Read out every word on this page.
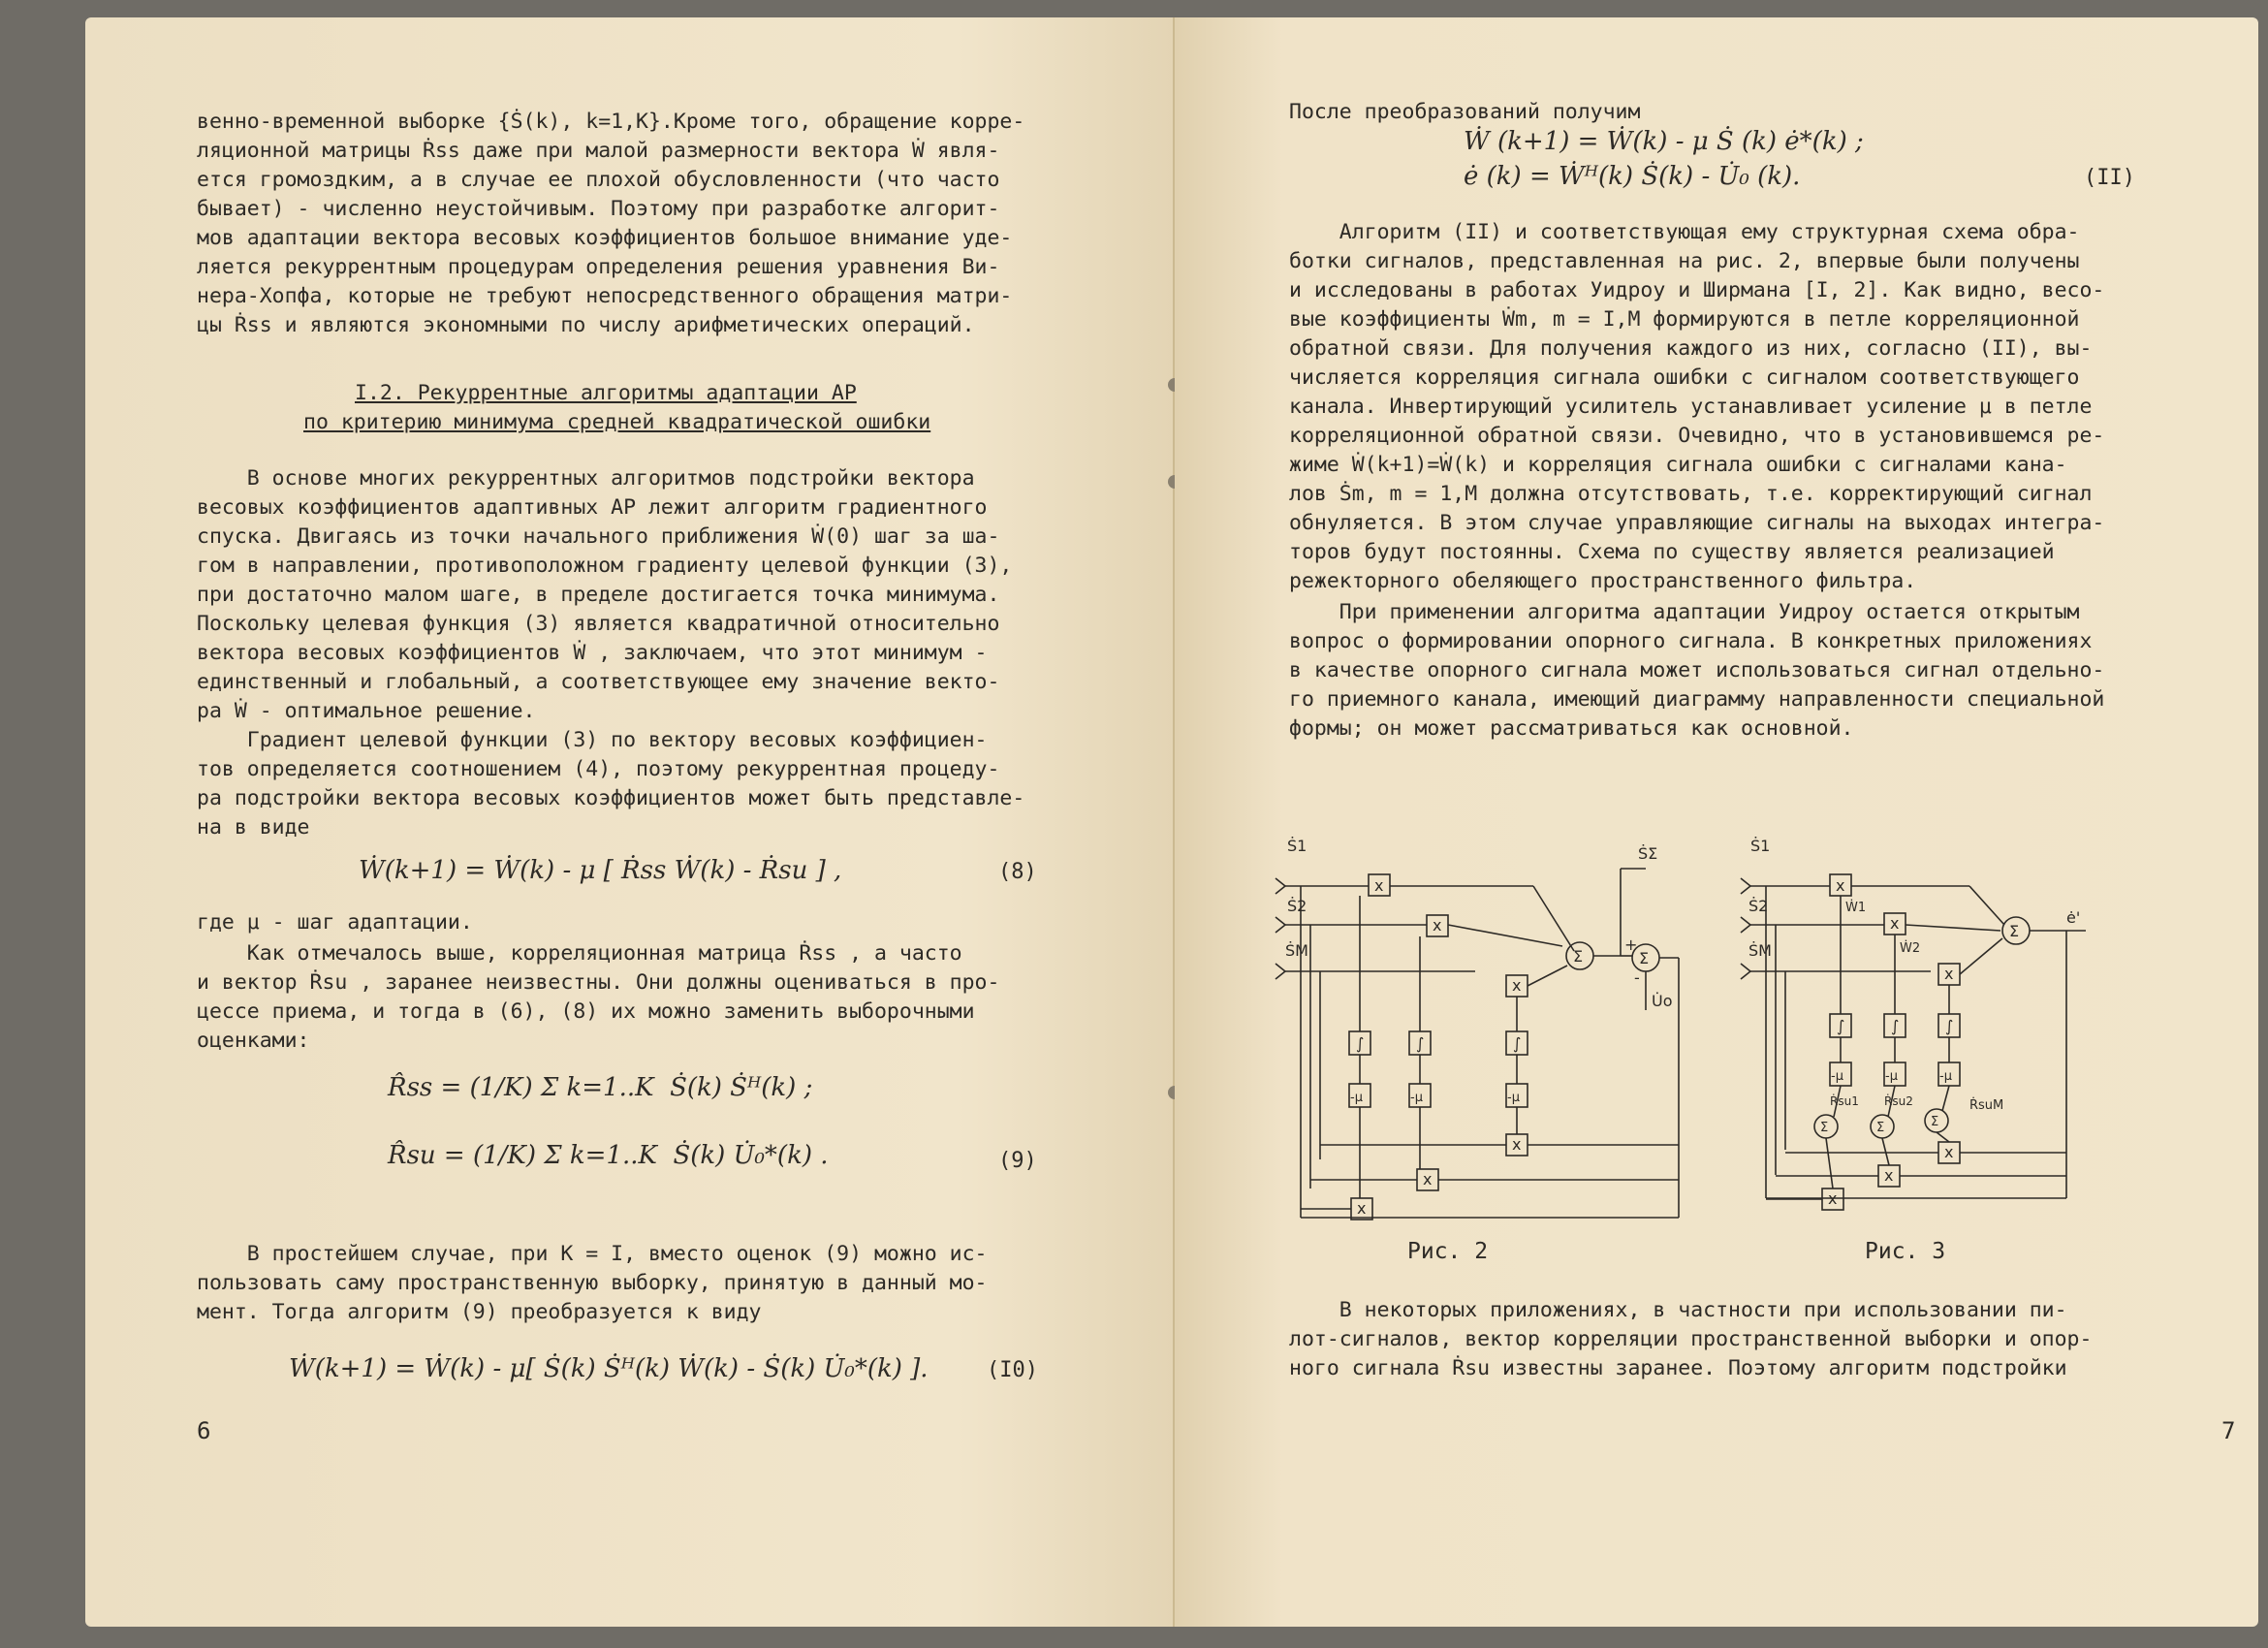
венно-временной выборке {Ṡ(k), k=1,K}.Кроме того, обращение корре-
ляционной матрицы Ṙss даже при малой размерности вектора Ẇ явля-
ется громоздким, а в случае ее плохой обусловленности (что часто
бывает) - численно неустойчивым. Поэтому при разработке алгорит-
мов адаптации вектора весовых коэффициентов большое внимание уде-
ляется рекуррентным процедурам определения решения уравнения Ви-
нера-Хопфа, которые не требуют непосредственного обращения матри-
цы Ṙss и являются экономными по числу арифметических операций.
I.2. Рекуррентные алгоритмы адаптации АР
по критерию минимума средней квадратической ошибки
В основе многих рекуррентных алгоритмов подстройки вектора
весовых коэффициентов адаптивных АР лежит алгоритм градиентного
спуска. Двигаясь из точки начального приближения Ẇ(0) шаг за ша-
гом в направлении, противоположном градиенту целевой функции (3),
при достаточно малом шаге, в пределе достигается точка минимума.
Поскольку целевая функция (3) является квадратичной относительно
вектора весовых коэффициентов Ẇ , заключаем, что этот минимум -
единственный и глобальный, а соответствующее ему значение векто-
ра Ẇ - оптимальное решение.
Градиент целевой функции (3) по вектору весовых коэффициен-
тов определяется соотношением (4), поэтому рекуррентная процеду-
ра подстройки вектора весовых коэффициентов может быть представле-
на в виде
Ẇ(k+1) = Ẇ(k) - μ [ Ṙss Ẇ(k) - Ṙsu ] ,	(8)
где μ - шаг адаптации.
Как отмечалось выше, корреляционная матрица Ṙss , а часто
и вектор Ṙsu , заранее неизвестны. Они должны оцениваться в про-
цессе приема, и тогда в (6), (8) их можно заменить выборочными
оценками:
R̂ss = (1/K) Σ k=1..K  Ṡ(k) Ṡᴴ(k) ;
R̂su = (1/K) Σ k=1..K  Ṡ(k) U̇₀*(k) .	(9)
В простейшем случае, при K = I, вместо оценок (9) можно ис-
пользовать саму пространственную выборку, принятую в данный мо-
мент. Тогда алгоритм (9) преобразуется к виду
Ẇ(k+1) = Ẇ(k) - μ[ Ṡ(k) Ṡᴴ(k) Ẇ(k) - Ṡ(k) U̇₀*(k) ].	(I0)
6
После преобразований получим
Ẇ (k+1) = Ẇ(k) - μ Ṡ (k) ė*(k) ;
ė (k) = Ẇᴴ(k) Ṡ(k) - U̇₀ (k).	(II)
Алгоритм (II) и соответствующая ему структурная схема обра-
ботки сигналов, представленная на рис. 2, впервые были получены
и исследованы в работах Уидроу и Ширмана [I, 2]. Как видно, весо-
вые коэффициенты Ẇm, m = I,M формируются в петле корреляционной
обратной связи. Для получения каждого из них, согласно (II), вы-
числяется корреляция сигнала ошибки с сигналом соответствующего
канала. Инвертирующий усилитель устанавливает усиление μ в петле
корреляционной обратной связи. Очевидно, что в установившемся ре-
жиме Ẇ(k+1)=Ẇ(k) и корреляция сигнала ошибки с сигналами кана-
лов Ṡm, m = 1,M должна отсутствовать, т.е. корректирующий сигнал
обнуляется. В этом случае управляющие сигналы на выходах интегра-
торов будут постоянны. Схема по существу является реализацией
режекторного обеляющего пространственного фильтра.
При применении алгоритма адаптации Уидроу остается открытым
вопрос о формировании опорного сигнала. В конкретных приложениях
в качестве опорного сигнала может использоваться сигнал отдельно-
го приемного канала, имеющий диаграмму направленности специальной
формы; он может рассматриваться как основной.
Ṡ1
Ṡ2
ṠM
ṠΣ
U̇o
x
x
x
x
x
x
Σ	Σ
∫	∫	∫
-μ	-μ	-μ
+
-
Рис. 2
Ṡ1
Ṡ2
ṠM
ė'
Ẇ1
Ẇ2
Ṙsu1 Ṙsu2	ṘsuM
x
x
x
x
x
x
Σ
Σ	Σ	Σ
∫	∫	∫
-μ	-μ	-μ
Рис. 3
В некоторых приложениях, в частности при использовании пи-
лот-сигналов, вектор корреляции пространственной выборки и опор-
ного сигнала Ṙsu известны заранее. Поэтому алгоритм подстройки
7
